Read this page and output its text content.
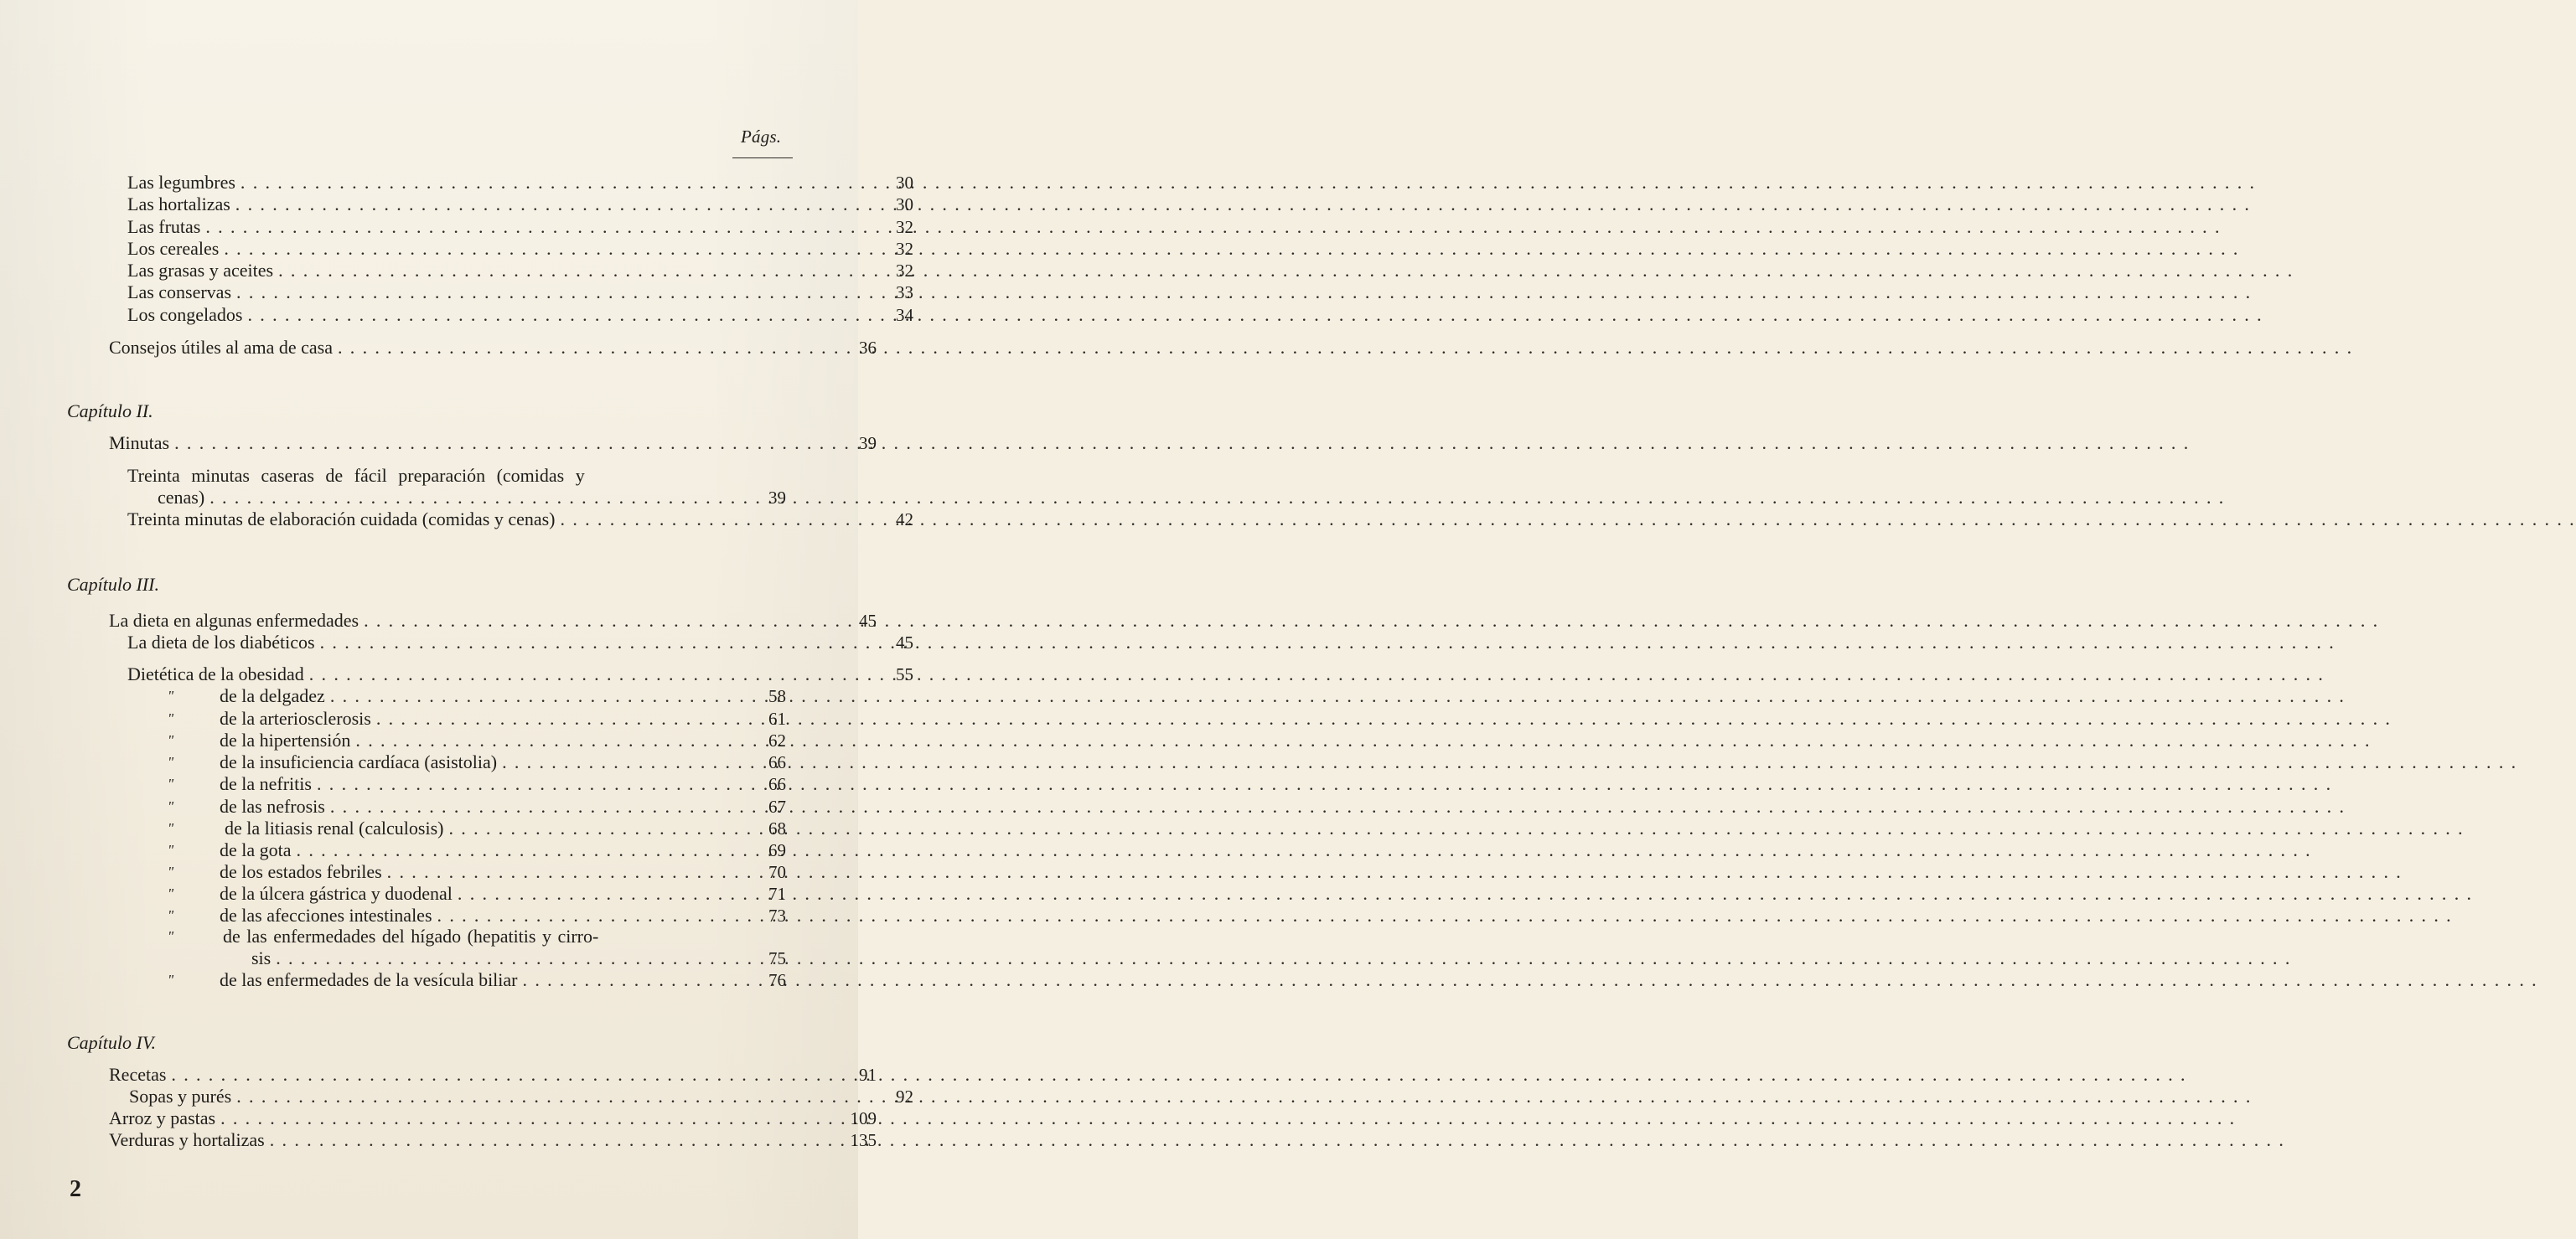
Págs.
Las legumbres . . .	30
Las hortalizas . . .	30
Las frutas . . .	32
Los cereales . . .	32
Las grasas y aceites . . .	32
Las conservas . . .	33
Los congelados . . .	34
Consejos útiles al ama de casa . . .	36
Capítulo II.
Minutas . . .	39
Treinta minutas caseras de fácil preparación (comidas y
cenas) . . .	39
Treinta minutas de elaboración cuidada (comidas y cenas) . . .	42
Capítulo III.
La dieta en algunas enfermedades . . .	45
La dieta de los diabéticos . . .	45
Dietética de la obesidad . . .	55
" de la delgadez . . .	58
" de la arteriosclerosis . . .	61
" de la hipertensión . . .	62
" de la insuficiencia cardíaca (asistolia) . . .	66
" de la nefritis . . .	66
" de las nefrosis . . .	67
"	de la litiasis renal (calculosis) . . .	68
" de la gota . . .	69
" de los estados febriles . . .	70
" de la úlcera gástrica y duodenal . . .	71
" de las afecciones intestinales . . .	73
"	de las enfermedades del hígado (hepatitis y cirro-
sis . . .	75
" de las enfermedades de la vesícula biliar . . .	76
Capítulo IV.
Recetas . . .	91
Sopas y purés . . .	92
Arroz y pastas . . .	109
Verduras y hortalizas . . .	135
2
